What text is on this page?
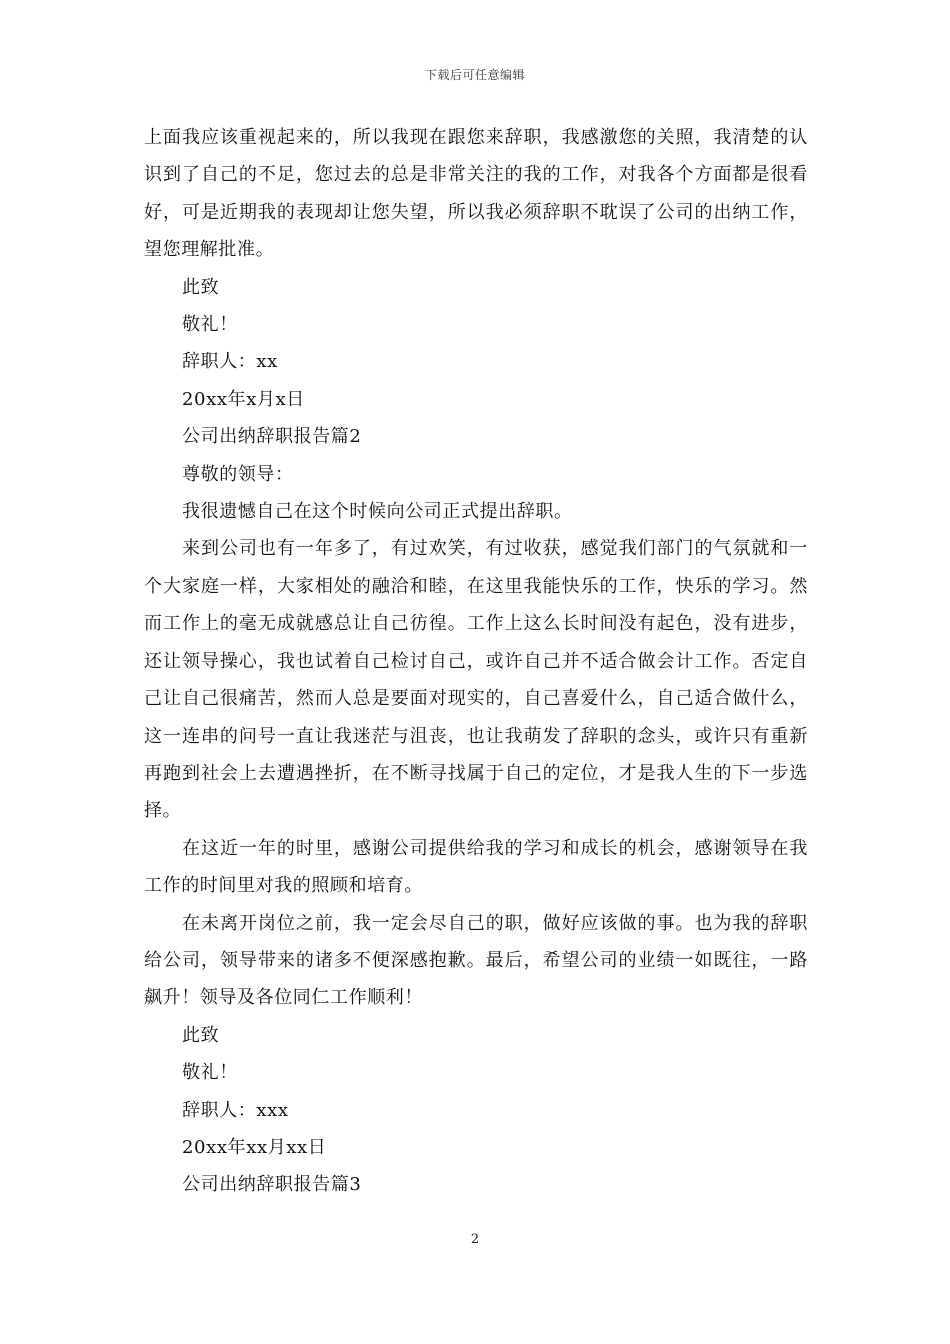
下载后可任意编辑

上面我应该重视起来的，所以我现在跟您来辞职，我感激您的关照，我清楚的认识到了自己的不足，您过去的总是非常关注的我的工作，对我各个方面都是很看好，可是近期我的表现却让您失望，所以我必须辞职不耽误了公司的出纳工作，望您理解批准。

此致

敬礼！

辞职人：xx

20xx年x月x日

公司出纳辞职报告篇2

尊敬的领导：

我很遗憾自己在这个时候向公司正式提出辞职。

来到公司也有一年多了，有过欢笑，有过收获，感觉我们部门的气氛就和一个大家庭一样，大家相处的融洽和睦，在这里我能快乐的工作，快乐的学习。然而工作上的毫无成就感总让自己彷徨。工作上这么长时间没有起色，没有进步，还让领导操心，我也试着自己检讨自己，或许自己并不适合做会计工作。否定自己让自己很痛苦，然而人总是要面对现实的，自己喜爱什么，自己适合做什么，这一连串的问号一直让我迷茫与沮丧，也让我萌发了辞职的念头，或许只有重新再跑到社会上去遭遇挫折，在不断寻找属于自己的定位，才是我人生的下一步选择。

在这近一年的时里，感谢公司提供给我的学习和成长的机会，感谢领导在我工作的时间里对我的照顾和培育。

在未离开岗位之前，我一定会尽自己的职，做好应该做的事。也为我的辞职给公司，领导带来的诸多不便深感抱歉。最后，希望公司的业绩一如既往，一路飙升！领导及各位同仁工作顺利！

此致

敬礼！

辞职人：xxx

20xx年xx月xx日

公司出纳辞职报告篇3

2
